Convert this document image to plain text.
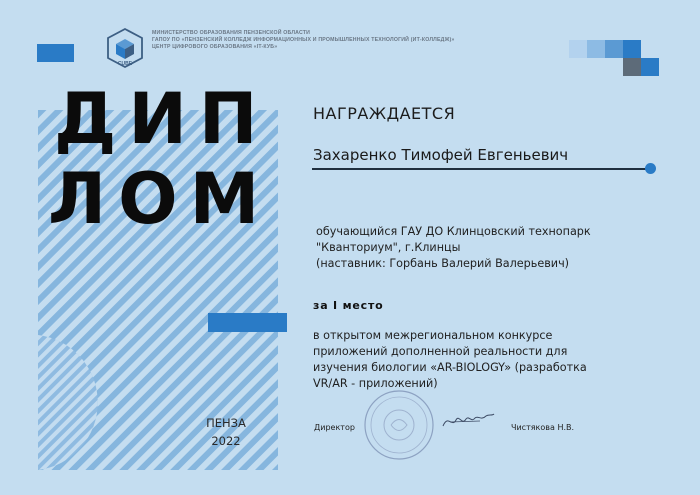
CUBE
МИНИСТЕРСТВО ОБРАЗОВАНИЯ ПЕНЗЕНСКОЙ ОБЛАСТИ
ГАПОУ ПО «ПЕНЗЕНСКИЙ КОЛЛЕДЖ ИНФОРМАЦИОННЫХ И ПРОМЫШЛЕННЫХ ТЕХНОЛОГИЙ (ИТ-КОЛЛЕДЖ)»
ЦЕНТР ЦИФРОВОГО ОБРАЗОВАНИЯ «IT-КУБ»
ДИП
ЛОМ
НАГРАЖДАЕТСЯ
Захаренко Тимофей Евгеньевич
обучающийся ГАУ ДО Клинцовский технопарк
"Кванториум", г.Клинцы
(наставник: Горбань Валерий Валерьевич)
за I место
в открытом межрегиональном конкурсе
приложений дополненной реальности для
изучения биологии «AR-BIOLOGY» (разработка
VR/AR - приложений)
Директор	Чистякова Н.В.
ПЕНЗА
2022
